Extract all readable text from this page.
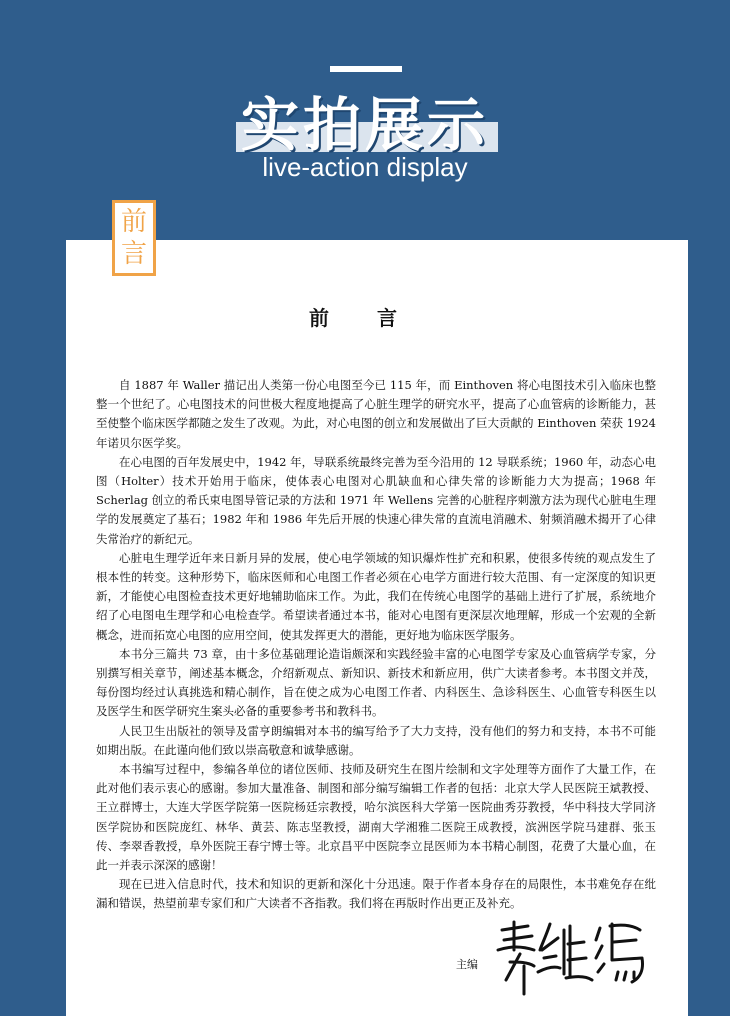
实拍展示
live-action display
前
言
前言

自 1887 年 Waller 描记出人类第一份心电图至今已 115 年，而 Einthoven 将心电图技术引入临床也整整一个世纪了。心电图技术的问世极大程度地提高了心脏生理学的研究水平，提高了心血管病的诊断能力，甚至使整个临床医学都随之发生了改观。为此，对心电图的创立和发展做出了巨大贡献的 Einthoven 荣获 1924 年诺贝尔医学奖。

在心电图的百年发展史中，1942 年，导联系统最终完善为至今沿用的 12 导联系统；1960 年，动态心电图（Holter）技术开始用于临床，使体表心电图对心肌缺血和心律失常的诊断能力大为提高；1968 年 Scherlag 创立的希氏束电图导管记录的方法和 1971 年 Wellens 完善的心脏程序刺激方法为现代心脏电生理学的发展奠定了基石；1982 年和 1986 年先后开展的快速心律失常的直流电消融术、射频消融术揭开了心律失常治疗的新纪元。

心脏电生理学近年来日新月异的发展，使心电学领域的知识爆炸性扩充和积累，使很多传统的观点发生了根本性的转变。这种形势下，临床医师和心电图工作者必须在心电学方面进行较大范围、有一定深度的知识更新，才能使心电图检查技术更好地辅助临床工作。为此，我们在传统心电图学的基础上进行了扩展，系统地介绍了心电图电生理学和心电检查学。希望读者通过本书，能对心电图有更深层次地理解，形成一个宏观的全新概念，进而拓宽心电图的应用空间，使其发挥更大的潜能，更好地为临床医学服务。

本书分三篇共 73 章，由十多位基础理论造诣颇深和实践经验丰富的心电图学专家及心血管病学专家，分别撰写相关章节，阐述基本概念，介绍新观点、新知识、新技术和新应用，供广大读者参考。本书图文并茂，每份图均经过认真挑选和精心制作，旨在使之成为心电图工作者、内科医生、急诊科医生、心血管专科医生以及医学生和医学研究生案头必备的重要参考书和教科书。

人民卫生出版社的领导及雷亨朗编辑对本书的编写给予了大力支持，没有他们的努力和支持，本书不可能如期出版。在此谨向他们致以崇高敬意和诚挚感谢。

本书编写过程中，参编各单位的诸位医师、技师及研究生在图片绘制和文字处理等方面作了大量工作，在此对他们表示衷心的感谢。参加大量准备、制图和部分编写编辑工作者的包括：北京大学人民医院王斌教授、王立群博士，大连大学医学院第一医院杨廷宗教授，哈尔滨医科大学第一医院曲秀芬教授，华中科技大学同济医学院协和医院庞红、林华、黄芸、陈志坚教授，湖南大学湘雅二医院王成教授，滨洲医学院马建群、张玉传、李翠香教授，阜外医院王春宁博士等。北京昌平中医院李立昆医师为本书精心制图，花费了大量心血，在此一并表示深深的感谢！

现在已进入信息时代，技术和知识的更新和深化十分迅速。限于作者本身存在的局限性，本书难免存在纰漏和错误，热望前辈专家们和广大读者不吝指教。我们将在再版时作出更正及补充。

主编
